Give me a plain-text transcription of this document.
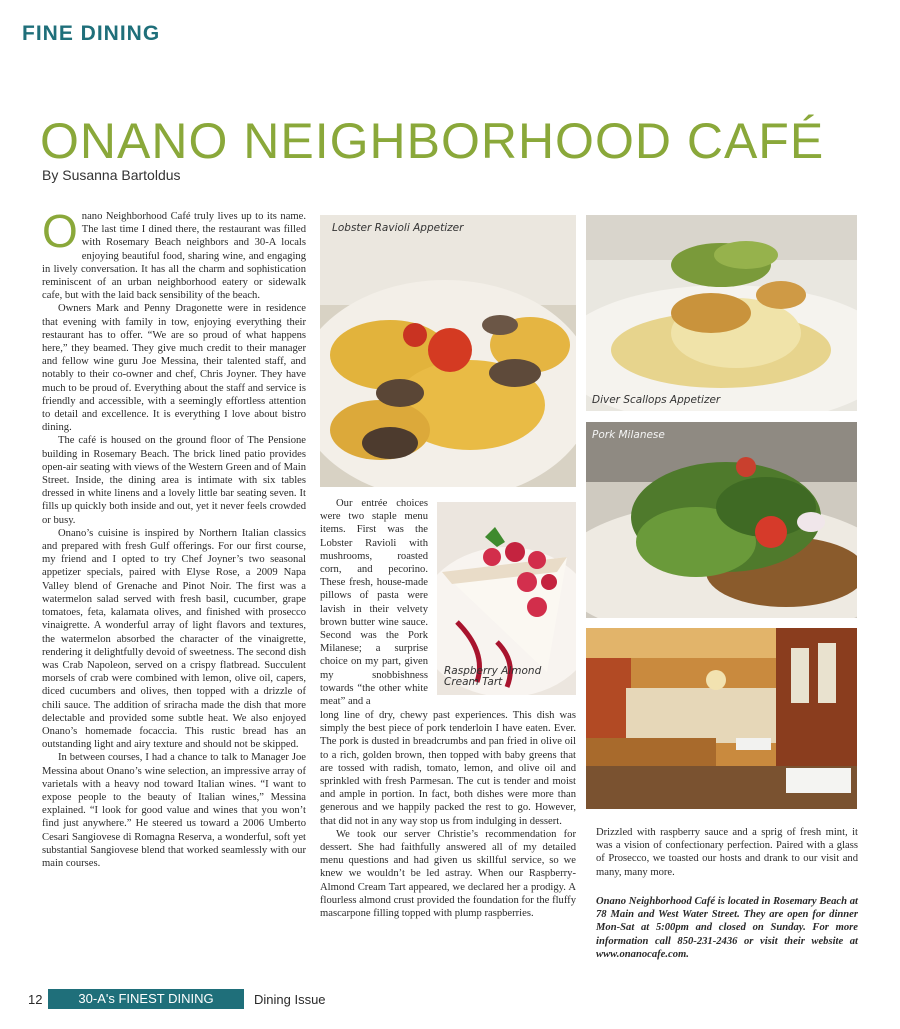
FINE DINING
ONANO NEIGHBORHOOD CAFÉ
By Susanna Bartoldus
O nano Neighborhood Café truly lives up to its name. The last time I dined there, the restaurant was filled with Rosemary Beach neighbors and 30-A locals enjoying beautiful food, sharing wine, and engaging in lively conversation. It has all the charm and sophistication reminiscent of an urban neighborhood eatery or sidewalk cafe, but with the laid back sensibility of the beach.

Owners Mark and Penny Dragonette were in residence that evening with family in tow, enjoying everything their restaurant has to offer. “We are so proud of what happens here,” they beamed. They give much credit to their manager and fellow wine guru Joe Messina, their talented staff, and notably to their co-owner and chef, Chris Joyner. They have much to be proud of. Everything about the staff and service is friendly and accessible, with a seemingly effortless attention to detail and excellence. It is everything I love about bistro dining.

The café is housed on the ground floor of The Pensione building in Rosemary Beach. The brick lined patio provides open-air seating with views of the Western Green and of Main Street. Inside, the dining area is intimate with six tables dressed in white linens and a lovely little bar seating seven. It fills up quickly both inside and out, yet it never feels crowded or busy.

Onano’s cuisine is inspired by Northern Italian classics and prepared with fresh Gulf offerings. For our first course, my friend and I opted to try Chef Joyner’s two seasonal appetizer specials, paired with Elyse Rose, a 2009 Napa Valley blend of Grenache and Pinot Noir. The first was a watermelon salad served with fresh basil, cucumber, grape tomatoes, feta, kalamata olives, and finished with prosecco vinaigrette. A wonderful array of light flavors and textures, the watermelon absorbed the character of the vinaigrette, rendering it delightfully devoid of sweetness. The second dish was Crab Napoleon, served on a crispy flatbread. Succulent morsels of crab were combined with lemon, olive oil, capers, diced cucumbers and olives, then topped with a drizzle of chili sauce. The addition of sriracha made the dish that more delectable and provided some subtle heat. We also enjoyed Onano’s homemade focaccia. This rustic bread has an outstanding light and airy texture and should not be skipped.

In between courses, I had a chance to talk to Manager Joe Messina about Onano’s wine selection, an impressive array of varietals with a heavy nod toward Italian wines. “I want to expose people to the beauty of Italian wines,” Messina explained. “I look for good value and wines that you won’t find just anywhere.” He steered us toward a 2006 Umberto Cesari Sangiovese di Romagna Reserva, a wonderful, soft yet substantial Sangiovese blend that worked seamlessly with our main courses.

Lobster Ravioli Appetizer
Diver Scallops Appetizer
Pork Milanese

Our entrée choices were two staple menu items. First was the Lobster Ravioli with mushrooms, roasted corn, and pecorino. These fresh, house-made pillows of pasta were lavish in their velvety brown butter wine sauce. Second was the Pork Milanese; a surprise choice on my part, given my snobbishness towards “the other white meat” and a

Raspberry Almond Cream Tart

long line of dry, chewy past experiences. This dish was simply the best piece of pork tenderloin I have eaten. Ever. The pork is dusted in breadcrumbs and pan fried in olive oil to a rich, golden brown, then topped with baby greens that are tossed with radish, tomato, lemon, and olive oil and sprinkled with fresh Parmesan. The cut is tender and moist and ample in portion. In fact, both dishes were more than generous and we happily packed the rest to go. However, that did not in any way stop us from indulging in dessert.

We took our server Christie’s recommendation for dessert. She had faithfully answered all of my detailed menu questions and had given us skillful service, so we knew we wouldn’t be led astray. When our Raspberry-Almond Cream Tart appeared, we declared her a prodigy. A flourless almond crust provided the foundation for the fluffy mascarpone filling topped with plump raspberries.

Drizzled with raspberry sauce and a sprig of fresh mint, it was a vision of confectionary perfection. Paired with a glass of Prosecco, we toasted our hosts and drank to our visit and many, many more.

Onano Neighborhood Café is located in Rosemary Beach at 78 Main and West Water Street. They are open for dinner Mon-Sat at 5:00pm and closed on Sunday. For more information call 850-231-2436 or visit their website at www.onanocafe.com.
12	30-A's FINEST DINING	Dining Issue
